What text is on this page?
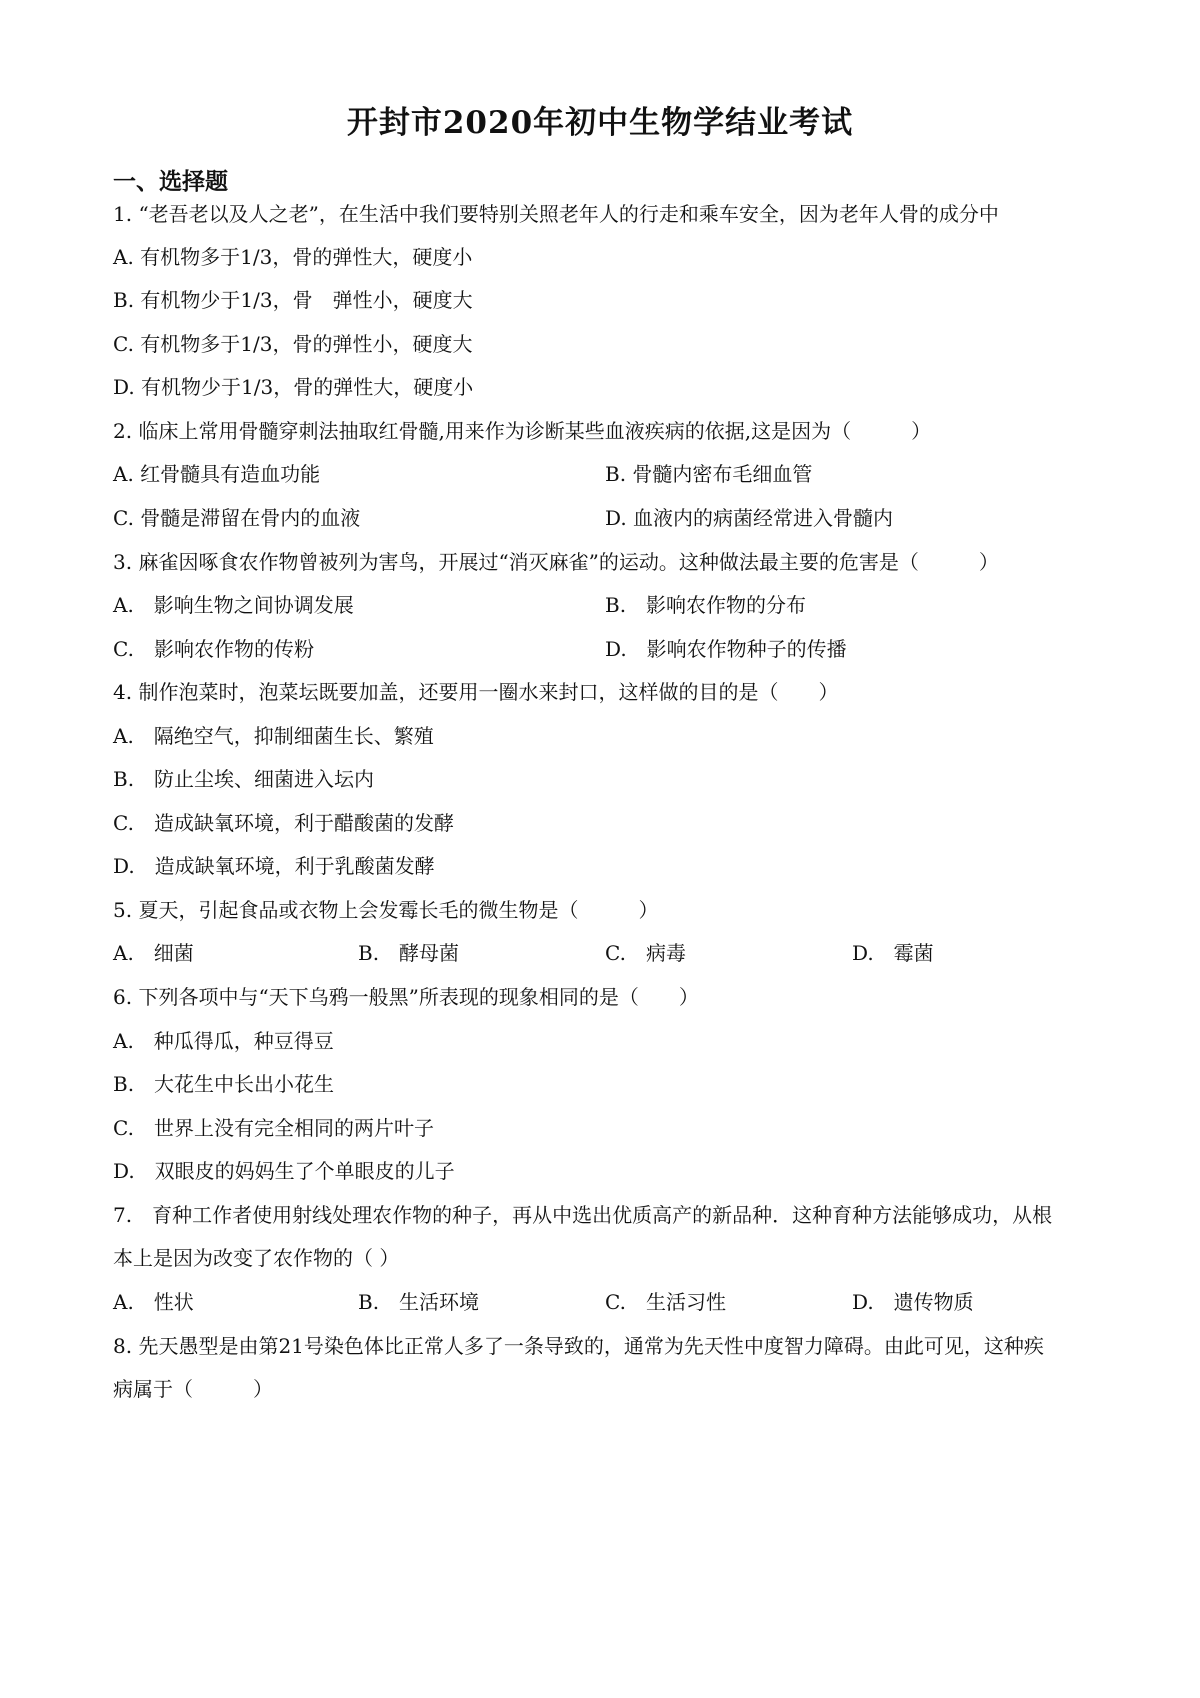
开封市2020年初中生物学结业考试
一、选择题
1. “老吾老以及人之老”，在生活中我们要特别关照老年人的行走和乘车安全，因为老年人骨的成分中
A. 有机物多于1/3，骨的弹性大，硬度小
B. 有机物少于1/3，骨　弹性小，硬度大
C. 有机物多于1/3，骨的弹性小，硬度大
D. 有机物少于1/3，骨的弹性大，硬度小
2. 临床上常用骨髓穿刺法抽取红骨髓,用来作为诊断某些血液疾病的依据,这是因为（　　　）
A. 红骨髓具有造血功能	B. 骨髓内密布毛细血管
C. 骨髓是滞留在骨内的血液	D. 血液内的病菌经常进入骨髓内
3. 麻雀因啄食农作物曾被列为害鸟，开展过“消灭麻雀”的运动。这种做法最主要的危害是（　　　）
A.　影响生物之间协调发展	B.　影响农作物的分布
C.　影响农作物的传粉	D.　影响农作物种子的传播
4. 制作泡菜时，泡菜坛既要加盖，还要用一圈水来封口，这样做的目的是（　　）
A.　隔绝空气，抑制细菌生长、繁殖
B.　防止尘埃、细菌进入坛内
C.　造成缺氧环境，利于醋酸菌的发酵
D.　造成缺氧环境，利于乳酸菌发酵
5. 夏天，引起食品或衣物上会发霉长毛的微生物是（　　　）
A.　细菌	B.　酵母菌	C.　病毒	D.　霉菌
6. 下列各项中与“天下乌鸦一般黑”所表现的现象相同的是（　　）
A.　种瓜得瓜，种豆得豆
B.　大花生中长出小花生
C.　世界上没有完全相同的两片叶子
D.　双眼皮的妈妈生了个单眼皮的儿子
7.　育种工作者使用射线处理农作物的种子，再从中选出优质高产的新品种．这种育种方法能够成功，从根
本上是因为改变了农作物的（ ）
A.　性状	B.　生活环境	C.　生活习性	D.　遗传物质
8. 先天愚型是由第21号染色体比正常人多了一条导致的，通常为先天性中度智力障碍。由此可见，这种疾
病属于（　　　）
